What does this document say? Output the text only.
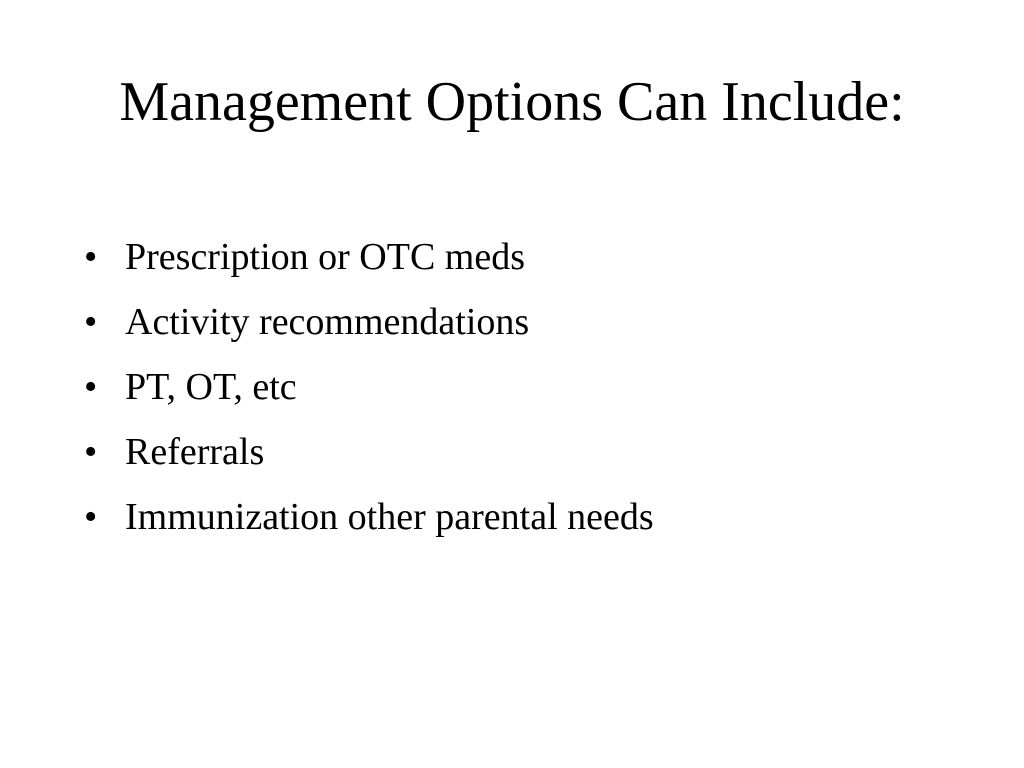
Management Options Can Include:
• Prescription or OTC meds
• Activity recommendations
• PT, OT, etc
• Referrals
• Immunization other parental needs
